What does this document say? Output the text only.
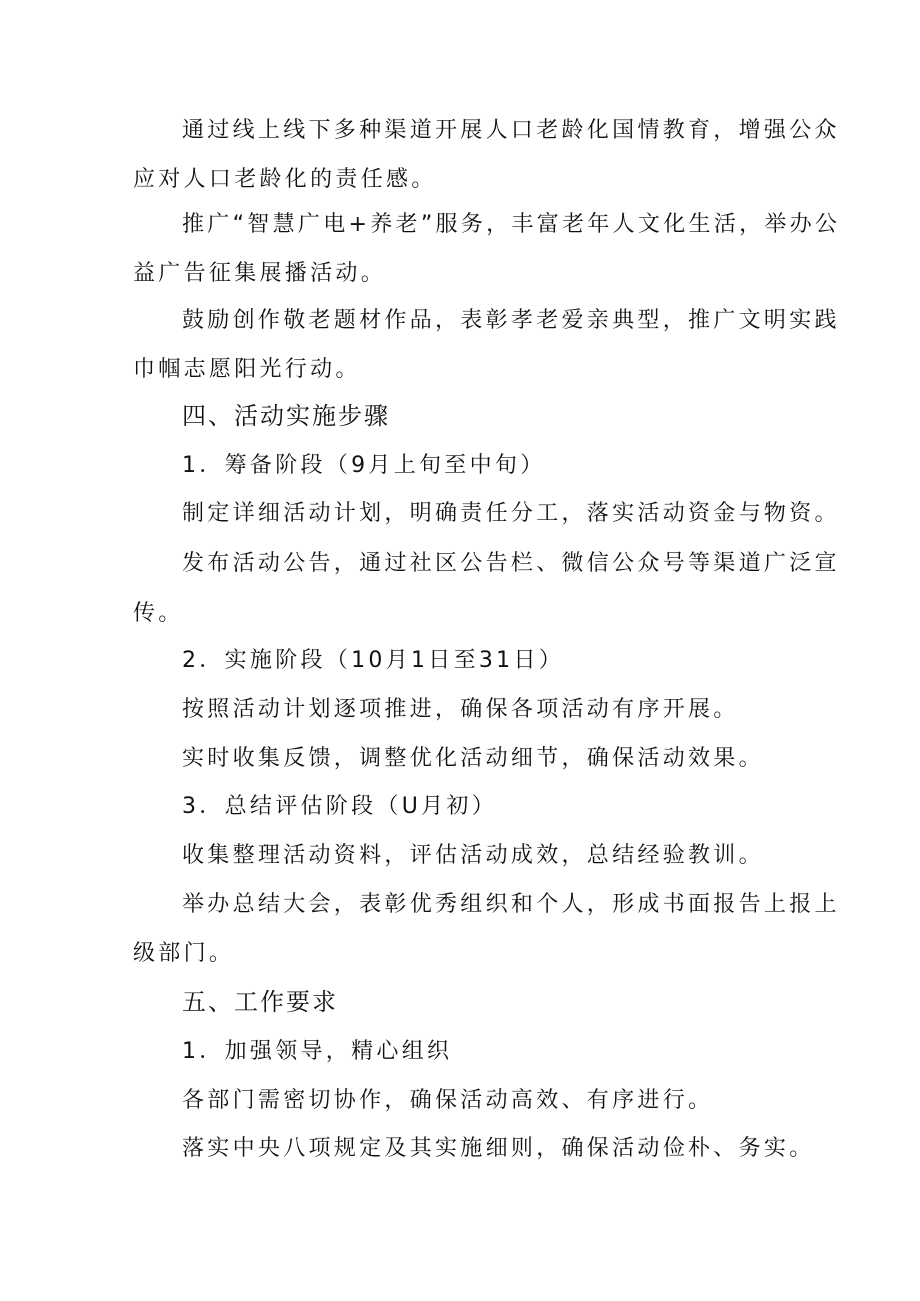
通过线上线下多种渠道开展人口老龄化国情教育，增强公众
应对人口老龄化的责任感。
推广“智慧广电+养老”服务，丰富老年人文化生活，举办公
益广告征集展播活动。
鼓励创作敬老题材作品，表彰孝老爱亲典型，推广文明实践
巾帼志愿阳光行动。
四、活动实施步骤
1．筹备阶段（9月上旬至中旬）
制定详细活动计划，明确责任分工，落实活动资金与物资。
发布活动公告，通过社区公告栏、微信公众号等渠道广泛宣
传。
2．实施阶段（10月1日至31日）
按照活动计划逐项推进，确保各项活动有序开展。
实时收集反馈，调整优化活动细节，确保活动效果。
3．总结评估阶段（U月初）
收集整理活动资料，评估活动成效，总结经验教训。
举办总结大会，表彰优秀组织和个人，形成书面报告上报上
级部门。
五、工作要求
1．加强领导，精心组织
各部门需密切协作，确保活动高效、有序进行。
落实中央八项规定及其实施细则，确保活动俭朴、务实。
